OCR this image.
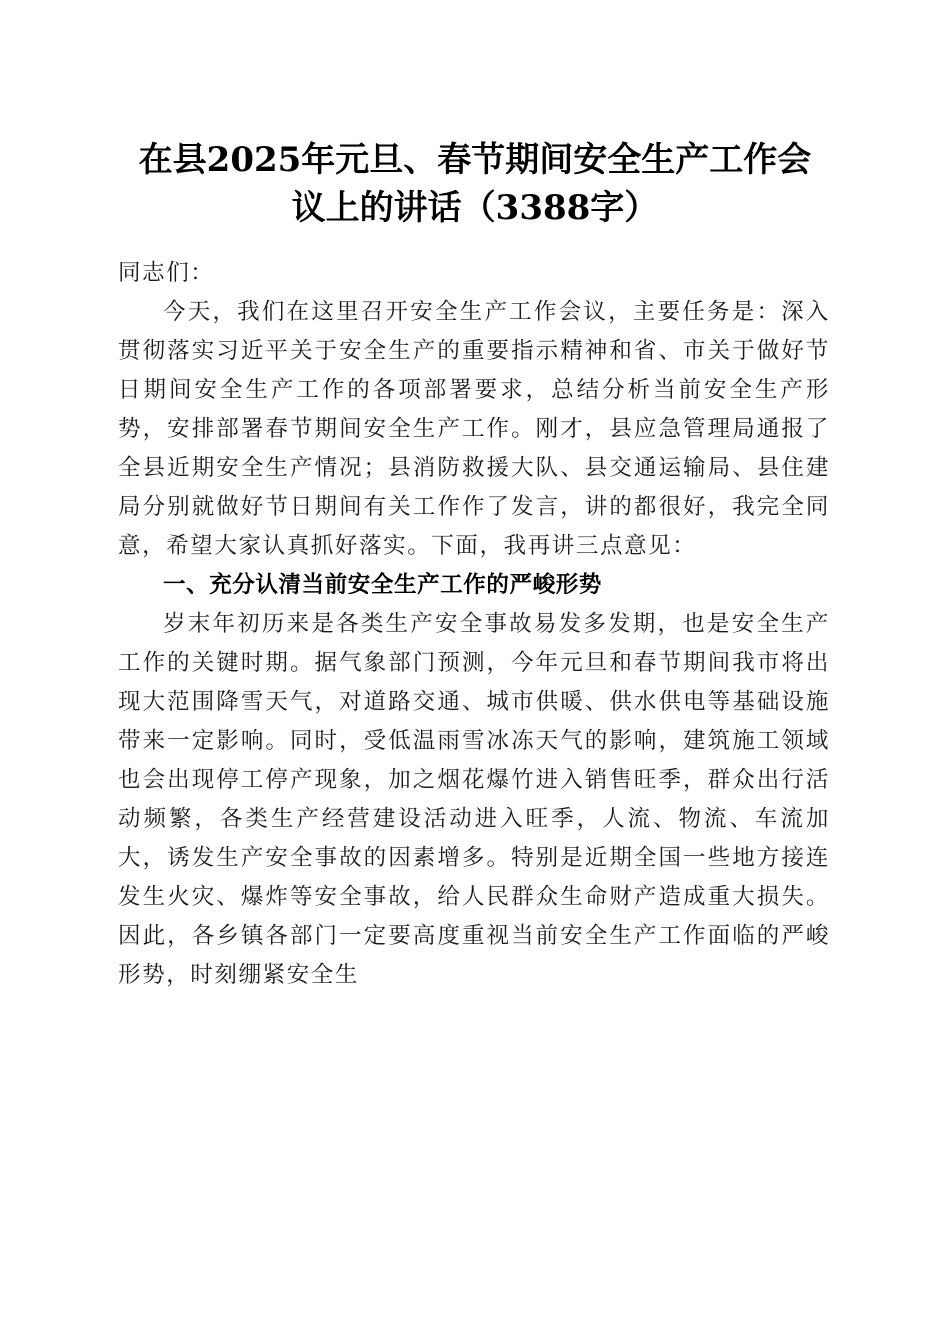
在县2025年元旦、春节期间安全生产工作会
议上的讲话（3388字）

同志们：

今天，我们在这里召开安全生产工作会议，主要任务是：深入贯彻落实习近平关于安全生产的重要指示精神和省、市关于做好节日期间安全生产工作的各项部署要求，总结分析当前安全生产形势，安排部署春节期间安全生产工作。刚才，县应急管理局通报了全县近期安全生产情况；县消防救援大队、县交通运输局、县住建局分别就做好节日期间有关工作作了发言，讲的都很好，我完全同意，希望大家认真抓好落实。下面，我再讲三点意见：

一、充分认清当前安全生产工作的严峻形势

岁末年初历来是各类生产安全事故易发多发期，也是安全生产工作的关键时期。据气象部门预测，今年元旦和春节期间我市将出现大范围降雪天气，对道路交通、城市供暖、供水供电等基础设施带来一定影响。同时，受低温雨雪冰冻天气的影响，建筑施工领域也会出现停工停产现象，加之烟花爆竹进入销售旺季，群众出行活动频繁，各类生产经营建设活动进入旺季，人流、物流、车流加大，诱发生产安全事故的因素增多。特别是近期全国一些地方接连发生火灾、爆炸等安全事故，给人民群众生命财产造成重大损失。因此，各乡镇各部门一定要高度重视当前安全生产工作面临的严峻形势，时刻绷紧安全生
